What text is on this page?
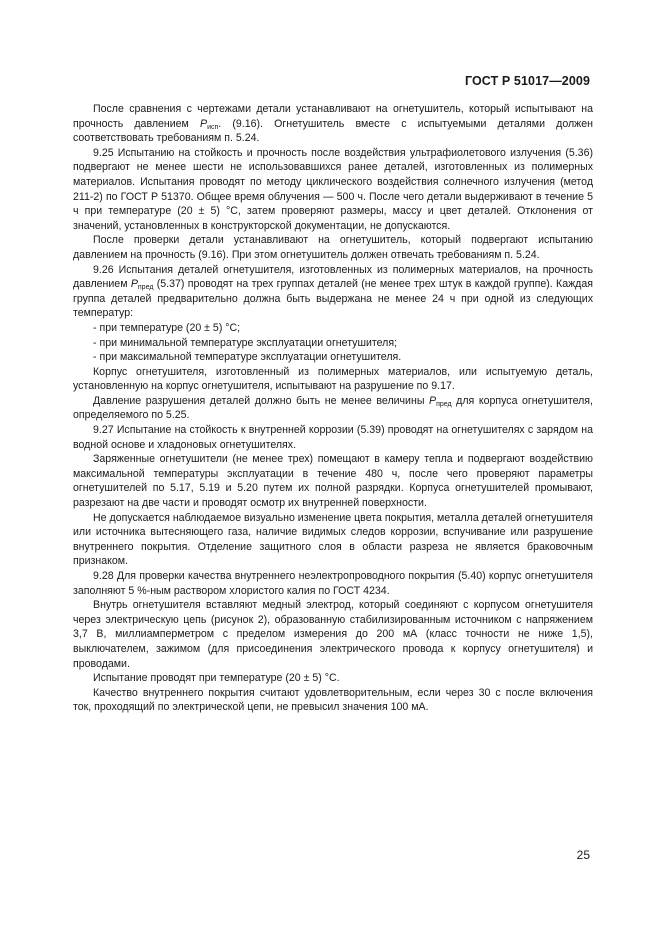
ГОСТ Р 51017—2009

После сравнения с чертежами детали устанавливают на огнетушитель, который испытывают на прочность давлением $P_{исп}$. (9.16). Огнетушитель вместе с испытуемыми деталями должен соответствовать требованиям п. 5.24.

9.25 Испытанию на стойкость и прочность после воздействия ультрафиолетового излучения (5.36) подвергают не менее шести не использовавшихся ранее деталей, изготовленных из полимерных материалов. Испытания проводят по методу циклического воздействия солнечного излучения (метод 211-2) по ГОСТ Р 51370. Общее время облучения — 500 ч. После чего детали выдерживают в течение 5 ч при температуре (20 ± 5) °С, затем проверяют размеры, массу и цвет деталей. Отклонения от значений, установленных в конструкторской документации, не допускаются.

После проверки детали устанавливают на огнетушитель, который подвергают испытанию давлением на прочность (9.16). При этом огнетушитель должен отвечать требованиям п. 5.24.

9.26 Испытания деталей огнетушителя, изготовленных из полимерных материалов, на прочность давлением $P_{пред}$ (5.37) проводят на трех группах деталей (не менее трех штук в каждой группе). Каждая группа деталей предварительно должна быть выдержана не менее 24 ч при одной из следующих температур:

- при температуре (20 ± 5) °С;

- при минимальной температуре эксплуатации огнетушителя;

- при максимальной температуре эксплуатации огнетушителя.

Корпус огнетушителя, изготовленный из полимерных материалов, или испытуемую деталь, установленную на корпус огнетушителя, испытывают на разрушение по 9.17.

Давление разрушения деталей должно быть не менее величины $P_{пред}$ для корпуса огнетушителя, определяемого по 5.25.

9.27 Испытание на стойкость к внутренней коррозии (5.39) проводят на огнетушителях с зарядом на водной основе и хладоновых огнетушителях.

Заряженные огнетушители (не менее трех) помещают в камеру тепла и подвергают воздействию максимальной температуры эксплуатации в течение 480 ч, после чего проверяют параметры огнетушителей по 5.17, 5.19 и 5.20 путем их полной разрядки. Корпуса огнетушителей промывают, разрезают на две части и проводят осмотр их внутренней поверхности.

Не допускается наблюдаемое визуально изменение цвета покрытия, металла деталей огнетушителя или источника вытесняющего газа, наличие видимых следов коррозии, вспучивание или разрушение внутреннего покрытия. Отделение защитного слоя в области разреза не является браковочным признаком.

9.28 Для проверки качества внутреннего нeэлектропроводного покрытия (5.40) корпус огнетушителя заполняют 5 %-ным раствором хлористого калия по ГОСТ 4234.

Внутрь огнетушителя вставляют медный электрод, который соединяют с корпусом огнетушителя через электрическую цепь (рисунок 2), образованную стабилизированным источником с напряжением 3,7 В, миллиамперметром с пределом измерения до 200 мА (класс точности не ниже 1,5), выключателем, зажимом (для присоединения электрического провода к корпусу огнетушителя) и проводами.

Испытание проводят при температуре (20 ± 5) °С.

Качество внутреннего покрытия считают удовлетворительным, если через 30 с после включения ток, проходящий по электрической цепи, не превысил значения 100 мА.

25
